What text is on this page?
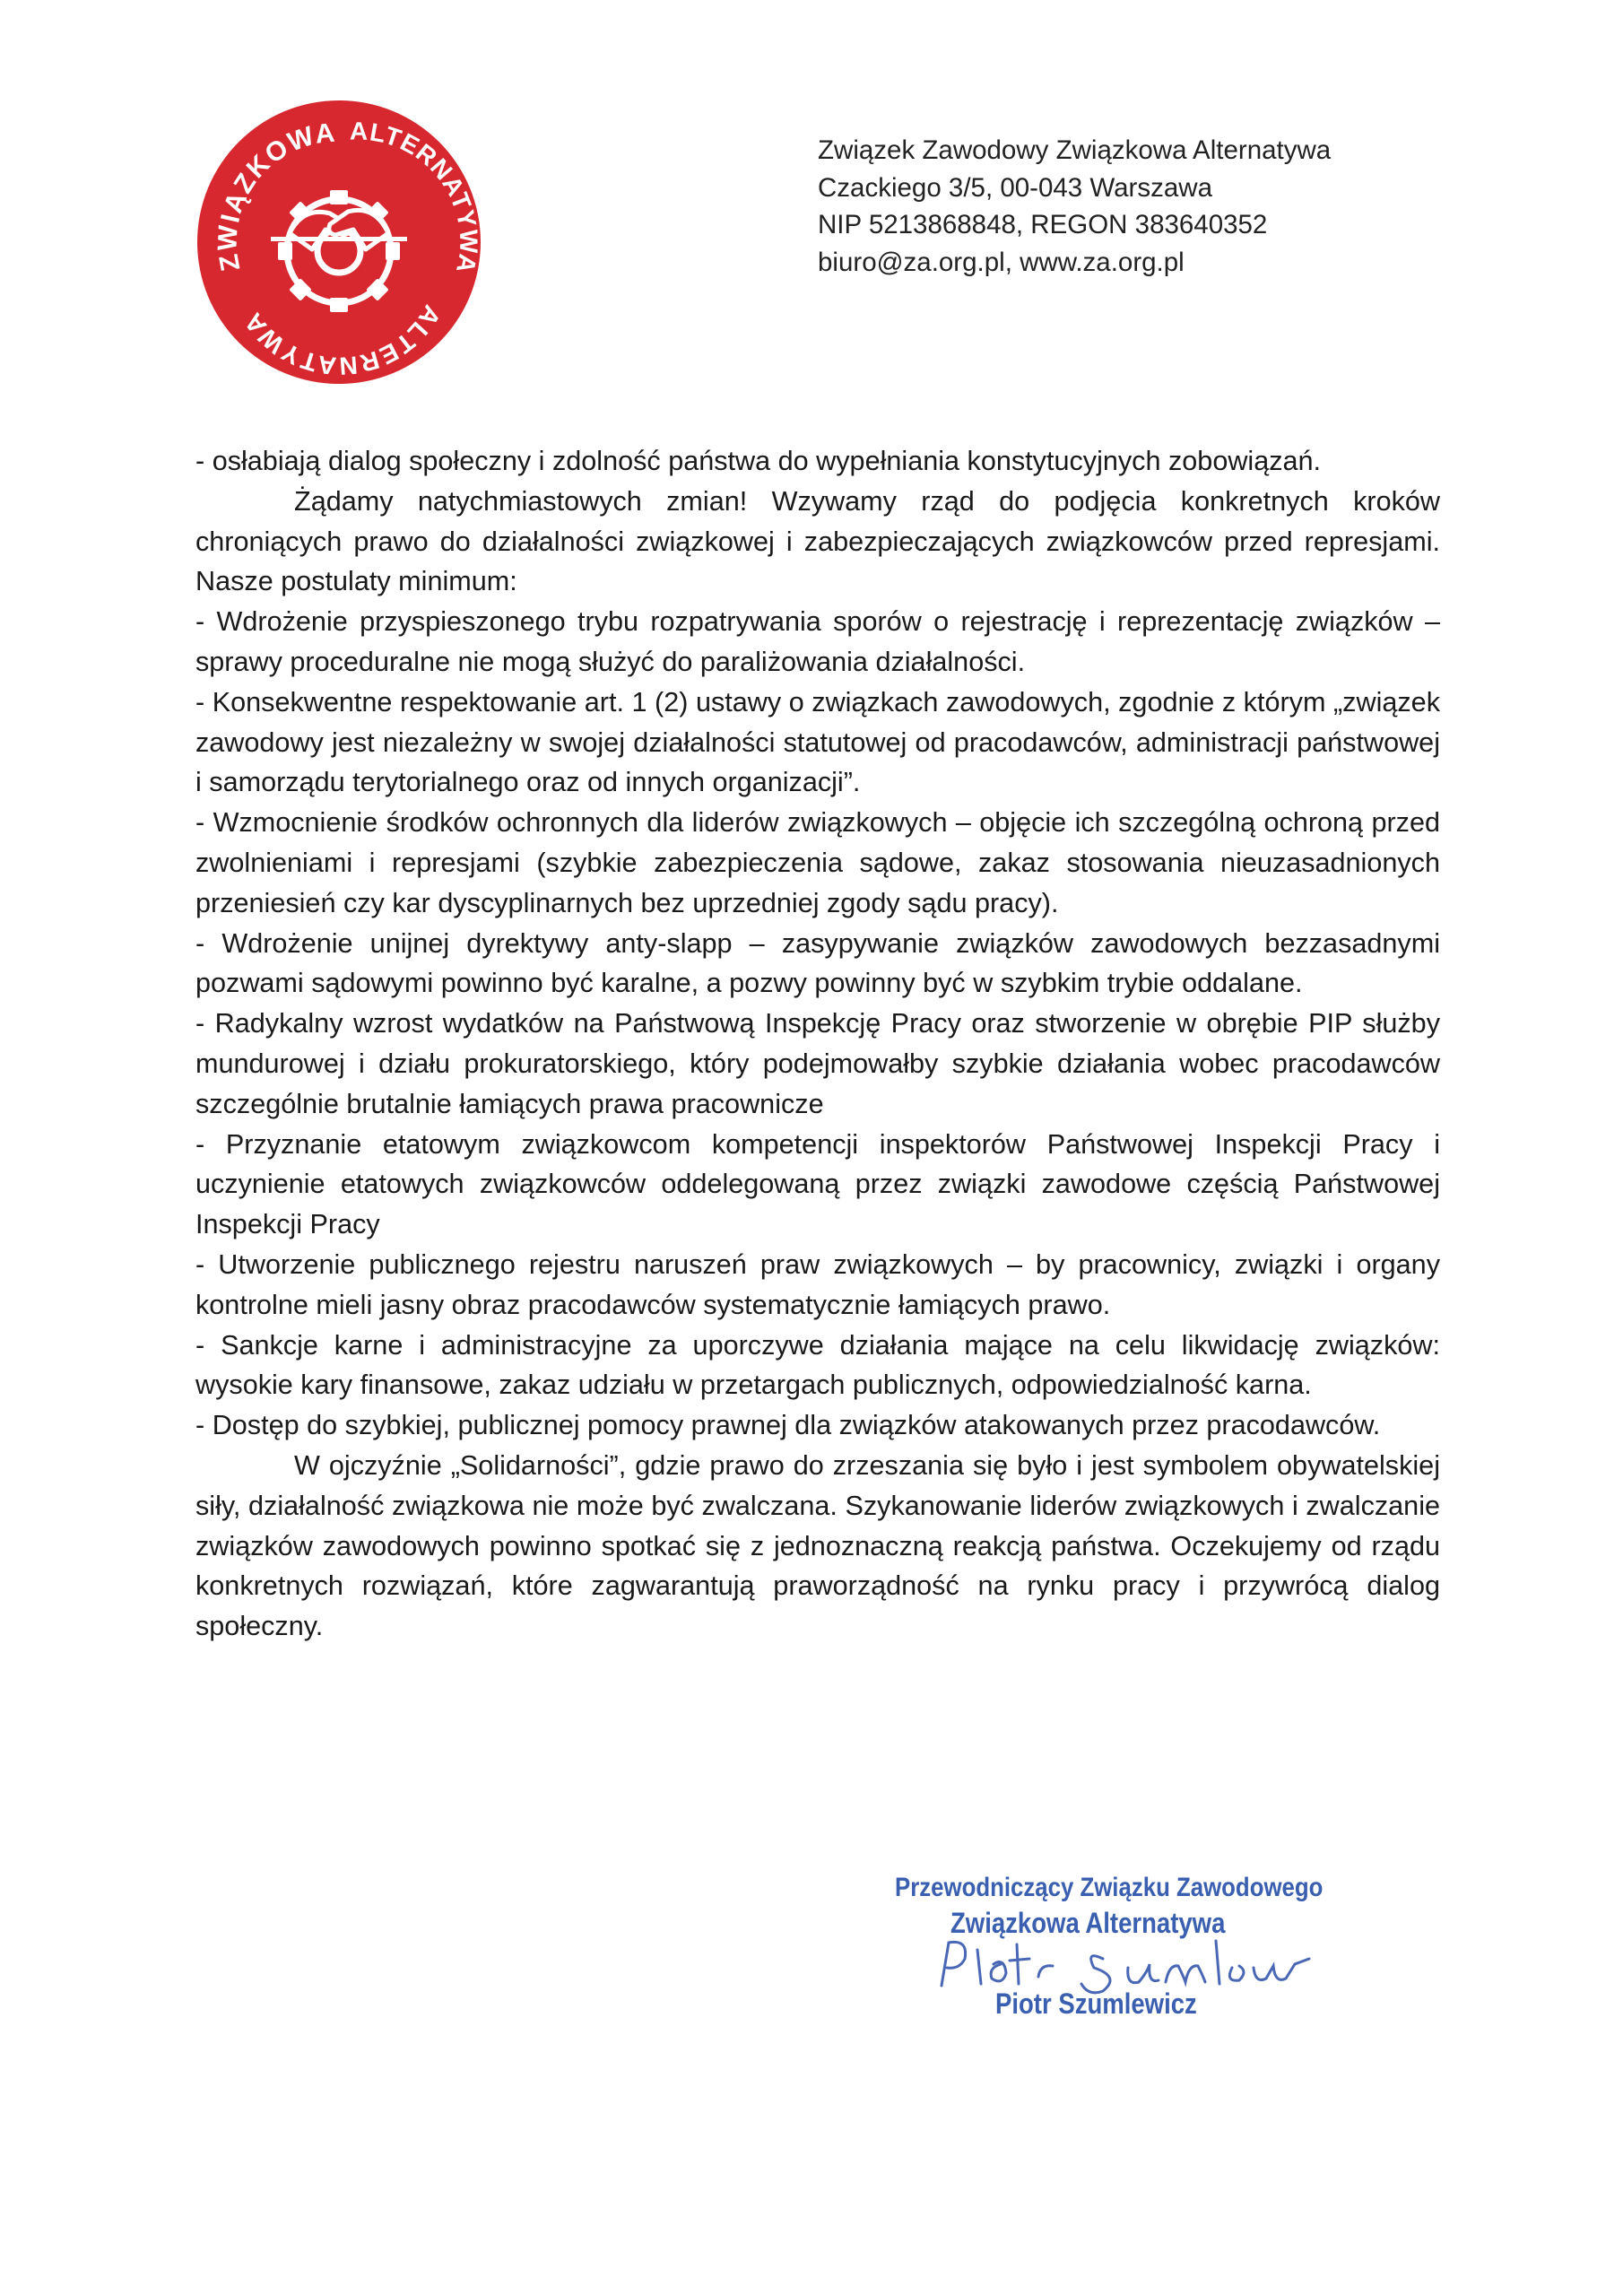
ZWIĄZKOWA ALTERNATYWA
ALTERNATYWA
Związek Zawodowy Związkowa Alternatywa
Czackiego 3/5, 00-043 Warszawa
NIP 5213868848, REGON 383640352
biuro@za.org.pl, www.za.org.pl

- osłabiają dialog społeczny i zdolność państwa do wypełniania konstytucyjnych zobowiązań.

Żądamy natychmiastowych zmian! Wzywamy rząd do podjęcia konkretnych kroków chroniących prawo do działalności związkowej i zabezpieczających związkowców przed represjami. Nasze postulaty minimum:

- Wdrożenie przyspieszonego trybu rozpatrywania sporów o rejestrację i reprezentację związków – sprawy proceduralne nie mogą służyć do paraliżowania działalności.

- Konsekwentne respektowanie art. 1 (2) ustawy o związkach zawodowych, zgodnie z którym „związek zawodowy jest niezależny w swojej działalności statutowej od pracodawców, administracji państwowej i samorządu terytorialnego oraz od innych organizacji”.

- Wzmocnienie środków ochronnych dla liderów związkowych – objęcie ich szczególną ochroną przed zwolnieniami i represjami (szybkie zabezpieczenia sądowe, zakaz stosowania nieuzasadnionych przeniesień czy kar dyscyplinarnych bez uprzedniej zgody sądu pracy).

- Wdrożenie unijnej dyrektywy anty-slapp – zasypywanie związków zawodowych bezzasadnymi pozwami sądowymi powinno być karalne, a pozwy powinny być w szybkim trybie oddalane.

- Radykalny wzrost wydatków na Państwową Inspekcję Pracy oraz stworzenie w obrębie PIP służby mundurowej i działu prokuratorskiego, który podejmowałby szybkie działania wobec pracodawców szczególnie brutalnie łamiących prawa pracownicze

- Przyznanie etatowym związkowcom kompetencji inspektorów Państwowej Inspekcji Pracy i uczynienie etatowych związkowców oddelegowaną przez związki zawodowe częścią Państwowej Inspekcji Pracy

- Utworzenie publicznego rejestru naruszeń praw związkowych – by pracownicy, związki i organy kontrolne mieli jasny obraz pracodawców systematycznie łamiących prawo.

- Sankcje karne i administracyjne za uporczywe działania mające na celu likwidację związków: wysokie kary finansowe, zakaz udziału w przetargach publicznych, odpowiedzialność karna.

- Dostęp do szybkiej, publicznej pomocy prawnej dla związków atakowanych przez pracodawców.

W ojczyźnie „Solidarności”, gdzie prawo do zrzeszania się było i jest symbolem obywatelskiej siły, działalność związkowa nie może być zwalczana. Szykanowanie liderów związkowych i zwalczanie związków zawodowych powinno spotkać się z jednoznaczną reakcją państwa. Oczekujemy od rządu konkretnych rozwiązań, które zagwarantują praworządność na rynku pracy i przywrócą dialog społeczny.

Przewodniczący Związku Zawodowego
Związkowa Alternatywa
Piotr Szumlewicz
